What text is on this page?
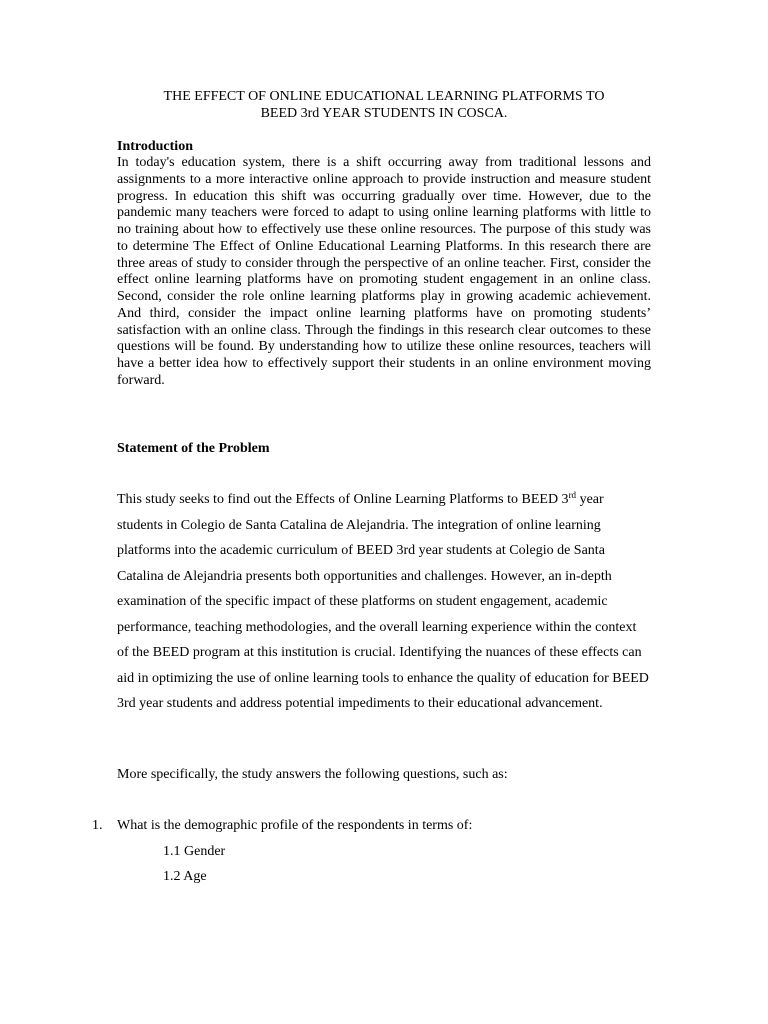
THE EFFECT OF ONLINE EDUCATIONAL LEARNING PLATFORMS TO
BEED 3rd YEAR STUDENTS IN COSCA.
Introduction
In today's education system, there is a shift occurring away from traditional lessons and assignments to a more interactive online approach to provide instruction and measure student progress. In education this shift was occurring gradually over time. However, due to the pandemic many teachers were forced to adapt to using online learning platforms with little to no training about how to effectively use these online resources. The purpose of this study was to determine The Effect of Online Educational Learning Platforms. In this research there are three areas of study to consider through the perspective of an online teacher. First, consider the effect online learning platforms have on promoting student engagement in an online class. Second, consider the role online learning platforms play in growing academic achievement. And third, consider the impact online learning platforms have on promoting students’ satisfaction with an online class. Through the findings in this research clear outcomes to these questions will be found. By understanding how to utilize these online resources, teachers will have a better idea how to effectively support their students in an online environment moving forward.
Statement of the Problem
This study seeks to find out the Effects of Online Learning Platforms to BEED 3rd year students in Colegio de Santa Catalina de Alejandria. The integration of online learning platforms into the academic curriculum of BEED 3rd year students at Colegio de Santa Catalina de Alejandria presents both opportunities and challenges. However, an in-depth examination of the specific impact of these platforms on student engagement, academic performance, teaching methodologies, and the overall learning experience within the context of the BEED program at this institution is crucial. Identifying the nuances of these effects can aid in optimizing the use of online learning tools to enhance the quality of education for BEED 3rd year students and address potential impediments to their educational advancement.
More specifically, the study answers the following questions, such as:
1. What is the demographic profile of the respondents in terms of:
1.1 Gender
1.2 Age
